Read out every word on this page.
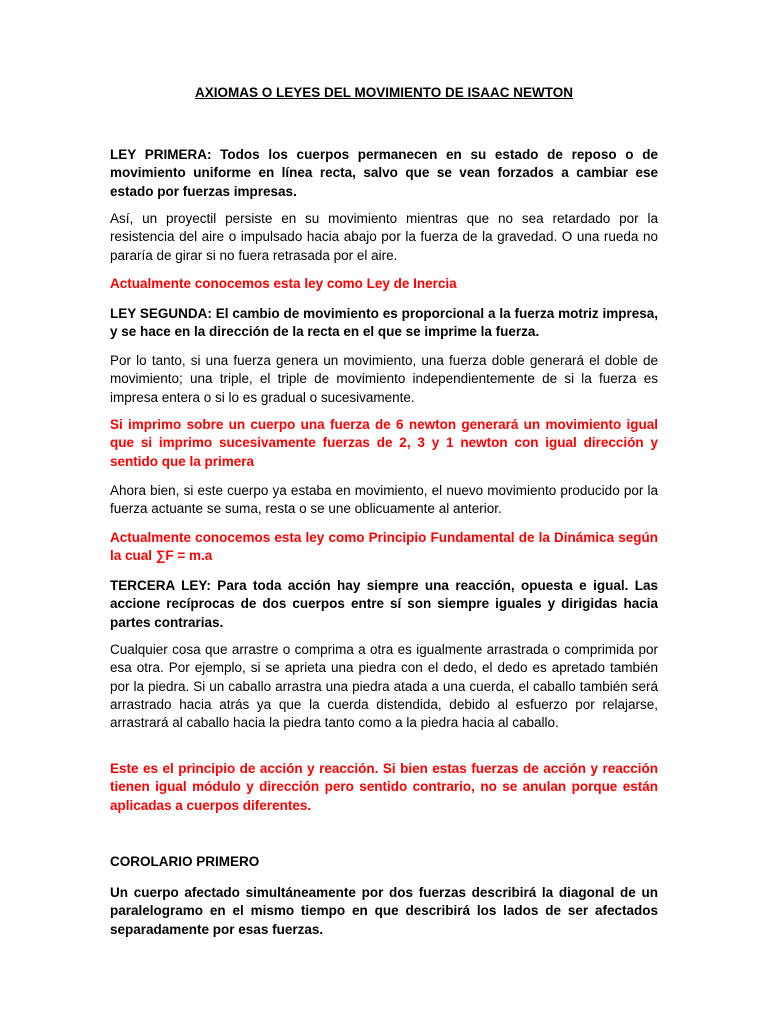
AXIOMAS O LEYES DEL MOVIMIENTO DE ISAAC NEWTON

LEY PRIMERA: Todos los cuerpos permanecen en su estado de reposo o de movimiento uniforme en línea recta, salvo que se vean forzados a cambiar ese estado por fuerzas impresas.

Así, un proyectil persiste en su movimiento mientras que no sea retardado por la resistencia del aire o impulsado hacia abajo por la fuerza de la gravedad. O una rueda no pararía de girar si no fuera retrasada por el aire.

Actualmente conocemos esta ley como Ley de Inercia

LEY SEGUNDA: El cambio de movimiento es proporcional a la fuerza motriz impresa, y se hace en la dirección de la recta en el que se imprime la fuerza.

Por lo tanto, si una fuerza genera un movimiento, una fuerza doble generará el doble de movimiento; una triple, el triple de movimiento independientemente de si la fuerza es impresa entera o si lo es gradual o sucesivamente.

Si imprimo sobre un cuerpo una fuerza de 6 newton generará un movimiento igual que si imprimo sucesivamente fuerzas de 2, 3 y 1 newton con igual dirección y sentido que la primera

Ahora bien, si este cuerpo ya estaba en movimiento, el nuevo movimiento producido por la fuerza actuante se suma, resta o se une oblicuamente al anterior.

Actualmente conocemos esta ley como Principio Fundamental de la Dinámica según la cual ∑F = m.a

TERCERA LEY: Para toda acción hay siempre una reacción, opuesta e igual. Las accione recíprocas de dos cuerpos entre sí son siempre iguales y dirigidas hacia partes contrarias.

Cualquier cosa que arrastre o comprima a otra es igualmente arrastrada o comprimida por esa otra. Por ejemplo, si se aprieta una piedra con el dedo, el dedo es apretado también por la piedra. Si un caballo arrastra una piedra atada a una cuerda, el caballo también será arrastrado hacia atrás ya que la cuerda distendida, debido al esfuerzo por relajarse, arrastrará al caballo hacia la piedra tanto como a la piedra hacia al caballo.

Este es el principio de acción y reacción. Si bien estas fuerzas de acción y reacción tienen igual módulo y dirección pero sentido contrario, no se anulan porque están aplicadas a cuerpos diferentes.

COROLARIO PRIMERO

Un cuerpo afectado simultáneamente por dos fuerzas describirá la diagonal de un paralelogramo en el mismo tiempo en que describirá los lados de ser afectados separadamente por esas fuerzas.
